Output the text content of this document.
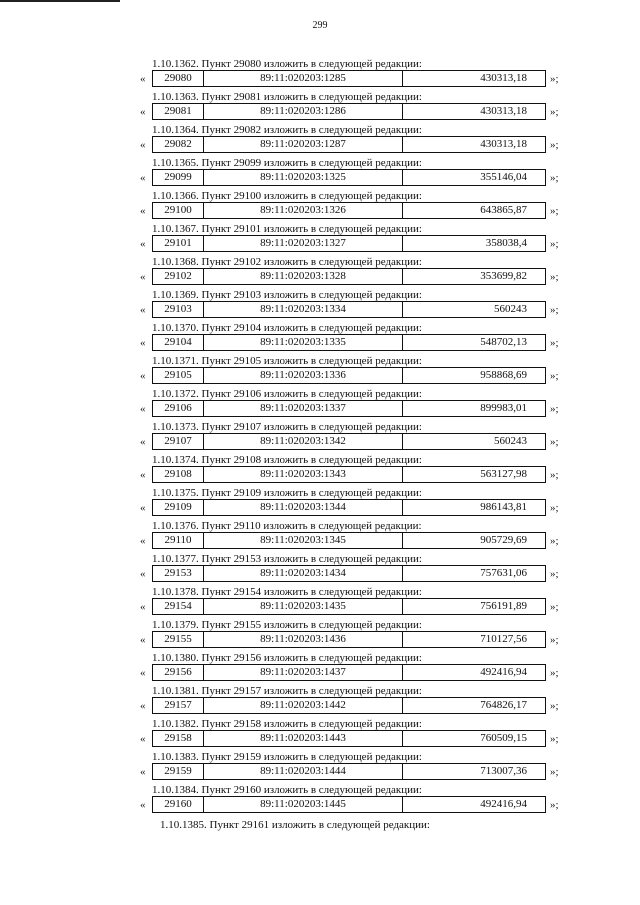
299
1.10.1362. Пункт 29080 изложить в следующей редакции:
«	29080	89:11:020203:1285	430313,18	»;
1.10.1363. Пункт 29081 изложить в следующей редакции:
«	29081	89:11:020203:1286	430313,18	»;
1.10.1364. Пункт 29082 изложить в следующей редакции:
«	29082	89:11:020203:1287	430313,18	»;
1.10.1365. Пункт 29099 изложить в следующей редакции:
«	29099	89:11:020203:1325	355146,04	»;
1.10.1366. Пункт 29100 изложить в следующей редакции:
«	29100	89:11:020203:1326	643865,87	»;
1.10.1367. Пункт 29101 изложить в следующей редакции:
«	29101	89:11:020203:1327	358038,4	»;
1.10.1368. Пункт 29102 изложить в следующей редакции:
«	29102	89:11:020203:1328	353699,82	»;
1.10.1369. Пункт 29103 изложить в следующей редакции:
«	29103	89:11:020203:1334	560243	»;
1.10.1370. Пункт 29104 изложить в следующей редакции:
«	29104	89:11:020203:1335	548702,13	»;
1.10.1371. Пункт 29105 изложить в следующей редакции:
«	29105	89:11:020203:1336	958868,69	»;
1.10.1372. Пункт 29106 изложить в следующей редакции:
«	29106	89:11:020203:1337	899983,01	»;
1.10.1373. Пункт 29107 изложить в следующей редакции:
«	29107	89:11:020203:1342	560243	»;
1.10.1374. Пункт 29108 изложить в следующей редакции:
«	29108	89:11:020203:1343	563127,98	»;
1.10.1375. Пункт 29109 изложить в следующей редакции:
«	29109	89:11:020203:1344	986143,81	»;
1.10.1376. Пункт 29110 изложить в следующей редакции:
«	29110	89:11:020203:1345	905729,69	»;
1.10.1377. Пункт 29153 изложить в следующей редакции:
«	29153	89:11:020203:1434	757631,06	»;
1.10.1378. Пункт 29154 изложить в следующей редакции:
«	29154	89:11:020203:1435	756191,89	»;
1.10.1379. Пункт 29155 изложить в следующей редакции:
«	29155	89:11:020203:1436	710127,56	»;
1.10.1380. Пункт 29156 изложить в следующей редакции:
«	29156	89:11:020203:1437	492416,94	»;
1.10.1381. Пункт 29157 изложить в следующей редакции:
«	29157	89:11:020203:1442	764826,17	»;
1.10.1382. Пункт 29158 изложить в следующей редакции:
«	29158	89:11:020203:1443	760509,15	»;
1.10.1383. Пункт 29159 изложить в следующей редакции:
«	29159	89:11:020203:1444	713007,36	»;
1.10.1384. Пункт 29160 изложить в следующей редакции:
«	29160	89:11:020203:1445	492416,94	»;
1.10.1385. Пункт 29161 изложить в следующей редакции:
